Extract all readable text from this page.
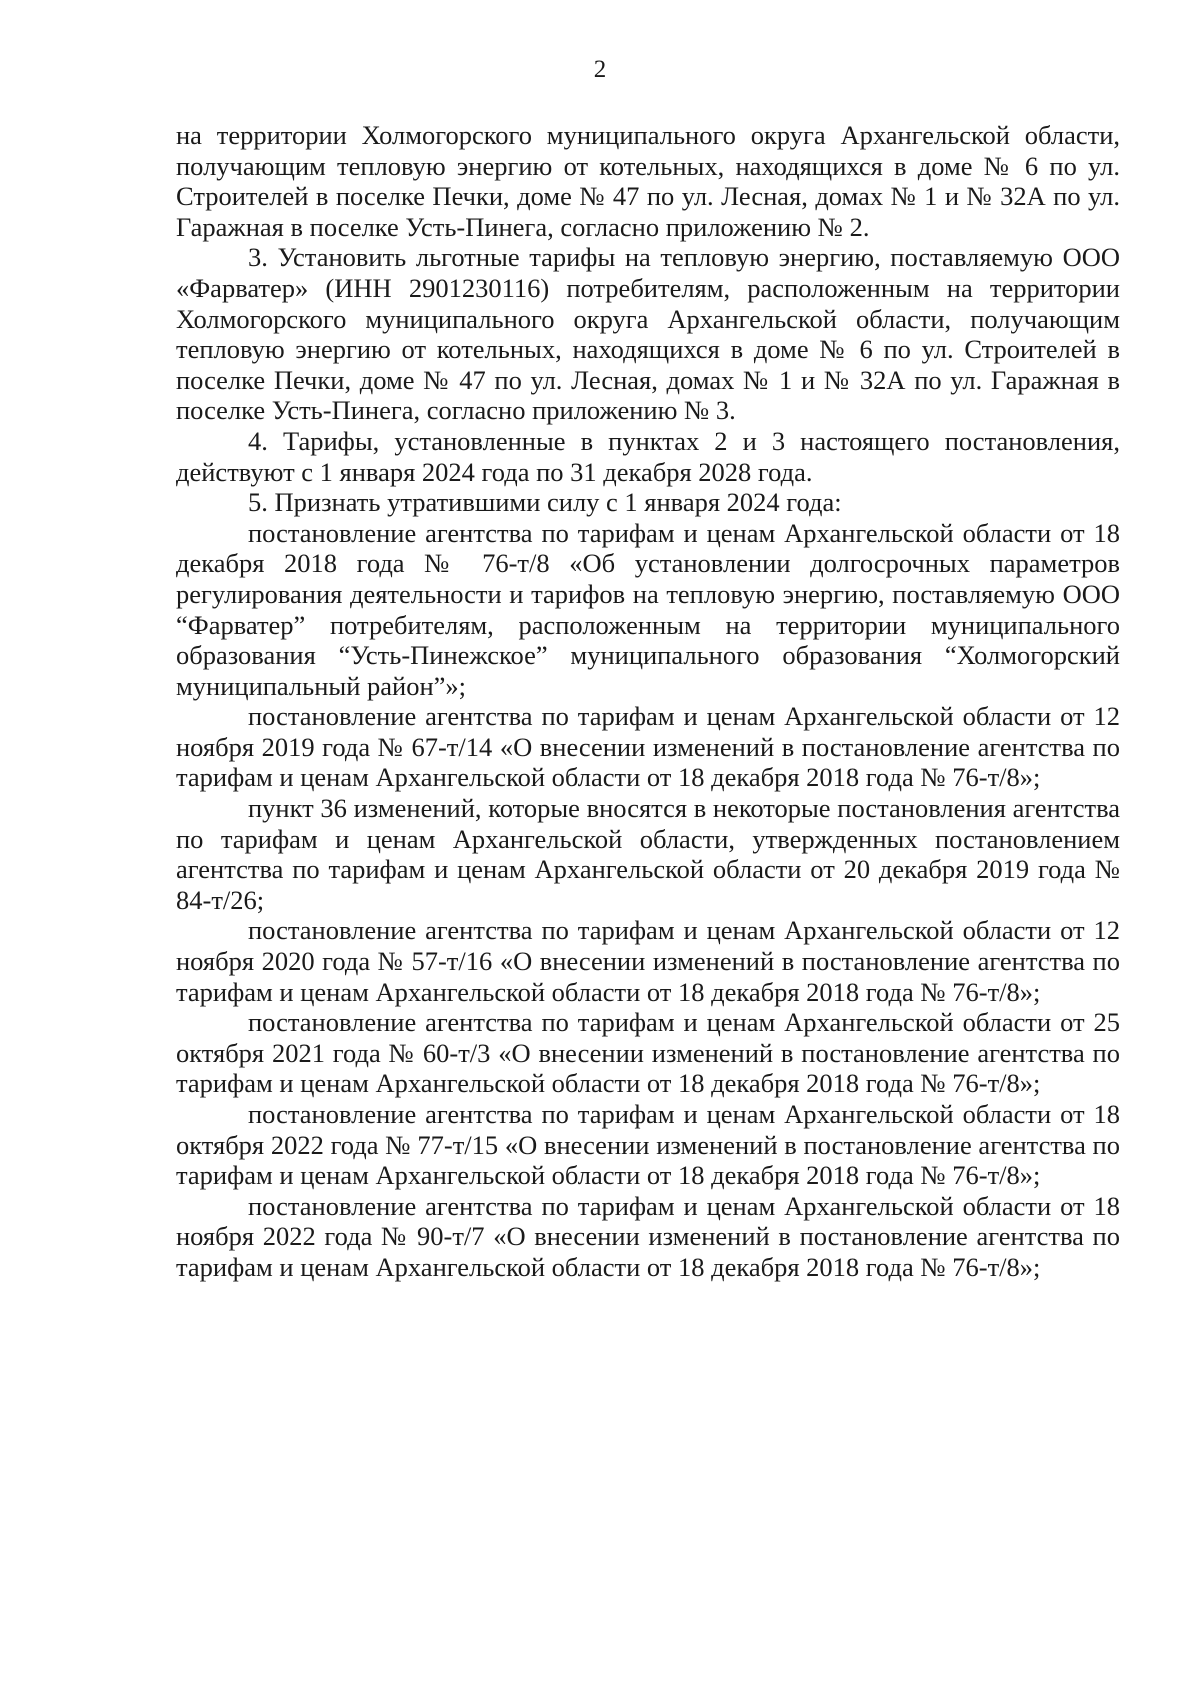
2

на территории Холмогорского муниципального округа Архангельской области, получающим тепловую энергию от котельных, находящихся в доме № 6 по ул. Строителей в поселке Печки, доме № 47 по ул. Лесная, домах № 1 и № 32А по ул. Гаражная в поселке Усть-Пинега, согласно приложению № 2.

3. Установить льготные тарифы на тепловую энергию, поставляемую ООО «Фарватер» (ИНН 2901230116) потребителям, расположенным на территории Холмогорского муниципального округа Архангельской области, получающим тепловую энергию от котельных, находящихся в доме № 6 по ул. Строителей в поселке Печки, доме № 47 по ул. Лесная, домах № 1 и № 32А по ул. Гаражная в поселке Усть-Пинега, согласно приложению № 3.

4. Тарифы, установленные в пунктах 2 и 3 настоящего постановления, действуют с 1 января 2024 года по 31 декабря 2028 года.

5. Признать утратившими силу с 1 января 2024 года:

постановление агентства по тарифам и ценам Архангельской области от 18 декабря 2018 года № 76-т/8 «Об установлении долгосрочных параметров регулирования деятельности и тарифов на тепловую энергию, поставляемую ООО “Фарватер” потребителям, расположенным на территории муниципального образования “Усть-Пинежское” муниципального образования “Холмогорский муниципальный район”»;

постановление агентства по тарифам и ценам Архангельской области от 12 ноября 2019 года № 67-т/14 «О внесении изменений в постановление агентства по тарифам и ценам Архангельской области от 18 декабря 2018 года № 76-т/8»;

пункт 36 изменений, которые вносятся в некоторые постановления агентства по тарифам и ценам Архангельской области, утвержденных постановлением агентства по тарифам и ценам Архангельской области от 20 декабря 2019 года № 84-т/26;

постановление агентства по тарифам и ценам Архангельской области от 12 ноября 2020 года № 57-т/16 «О внесении изменений в постановление агентства по тарифам и ценам Архангельской области от 18 декабря 2018 года № 76-т/8»;

постановление агентства по тарифам и ценам Архангельской области от 25 октября 2021 года № 60-т/3 «О внесении изменений в постановление агентства по тарифам и ценам Архангельской области от 18 декабря 2018 года № 76-т/8»;

постановление агентства по тарифам и ценам Архангельской области от 18 октября 2022 года № 77-т/15 «О внесении изменений в постановление агентства по тарифам и ценам Архангельской области от 18 декабря 2018 года № 76-т/8»;

постановление агентства по тарифам и ценам Архангельской области от 18 ноября 2022 года № 90-т/7 «О внесении изменений в постановление агентства по тарифам и ценам Архангельской области от 18 декабря 2018 года № 76-т/8»;
